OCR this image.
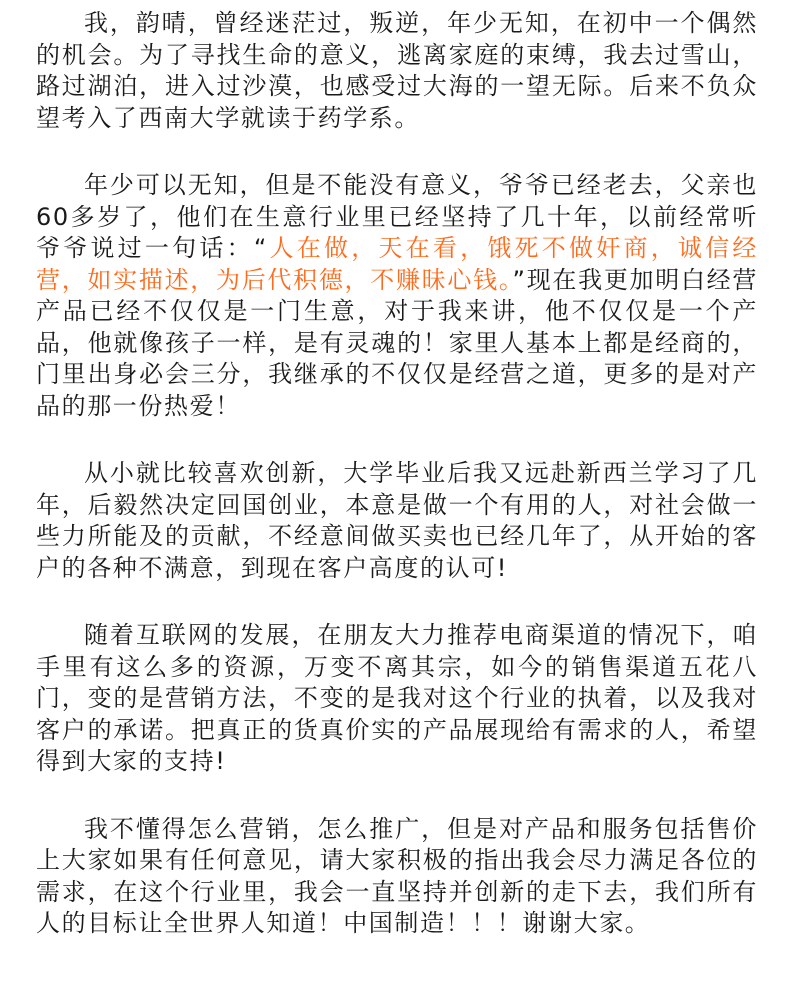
我，韵晴，曾经迷茫过，叛逆，年少无知，在初中一个偶然的机会。为了寻找生命的意义，逃离家庭的束缚，我去过雪山，路过湖泊，进入过沙漠，也感受过大海的一望无际。后来不负众望考入了西南大学就读于药学系。

年少可以无知，但是不能没有意义，爷爷已经老去，父亲也60多岁了，他们在生意行业里已经坚持了几十年，以前经常听爷爷说过一句话：“人在做，天在看，饿死不做奸商，诚信经营，如实描述，为后代积德，不赚昧心钱。”现在我更加明白经营产品已经不仅仅是一门生意，对于我来讲，他不仅仅是一个产品，他就像孩子一样，是有灵魂的！家里人基本上都是经商的，门里出身必会三分，我继承的不仅仅是经营之道，更多的是对产品的那一份热爱！

从小就比较喜欢创新，大学毕业后我又远赴新西兰学习了几年，后毅然决定回国创业，本意是做一个有用的人，对社会做一些力所能及的贡献，不经意间做买卖也已经几年了，从开始的客户的各种不满意，到现在客户高度的认可!

随着互联网的发展，在朋友大力推荐电商渠道的情况下，咱手里有这么多的资源，万变不离其宗，如今的销售渠道五花八门，变的是营销方法，不变的是我对这个行业的执着，以及我对客户的承诺。把真正的货真价实的产品展现给有需求的人，希望得到大家的支持!

我不懂得怎么营销，怎么推广，但是对产品和服务包括售价上大家如果有任何意见，请大家积极的指出我会尽力满足各位的需求，在这个行业里，我会一直坚持并创新的走下去，我们所有人的目标让全世界人知道！中国制造！！！谢谢大家。
